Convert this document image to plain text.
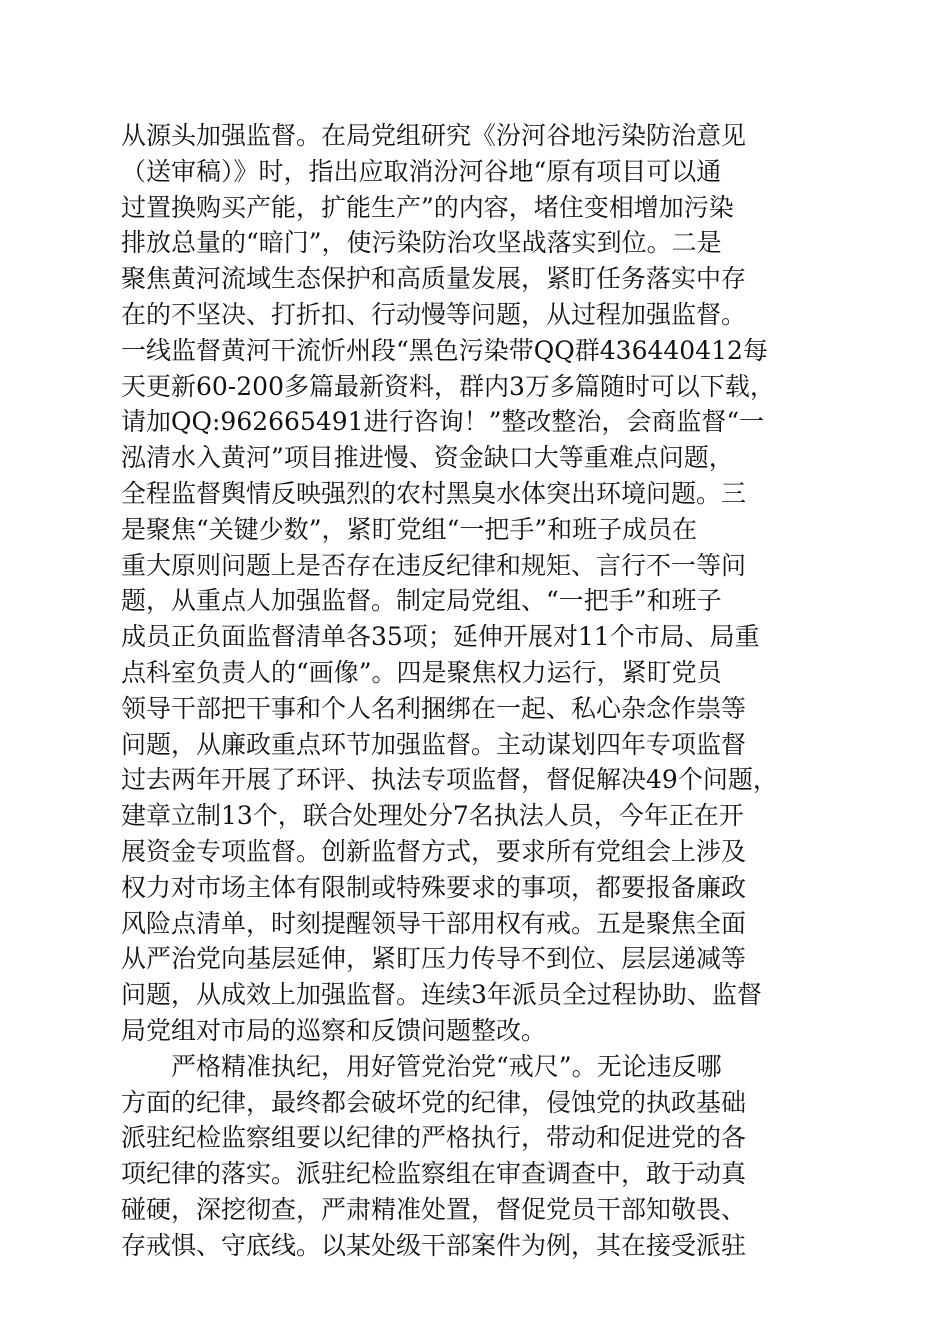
从源头加强监督。在局党组研究《汾河谷地污染防治意见
（送审稿）》时，指出应取消汾河谷地“原有项目可以通
过置换购买产能，扩能生产”的内容，堵住变相增加污染
排放总量的“暗门”，使污染防治攻坚战落实到位。二是
聚焦黄河流域生态保护和高质量发展，紧盯任务落实中存
在的不坚决、打折扣、行动慢等问题，从过程加强监督。
一线监督黄河干流忻州段“黑色污染带QQ群436440412每
天更新60-200多篇最新资料，群内3万多篇随时可以下载，
请加QQ:962665491进行咨询！”整改整治，会商监督“一
泓清水入黄河”项目推进慢、资金缺口大等重难点问题，
全程监督舆情反映强烈的农村黑臭水体突出环境问题。三
是聚焦“关键少数”，紧盯党组“一把手”和班子成员在
重大原则问题上是否存在违反纪律和规矩、言行不一等问
题，从重点人加强监督。制定局党组、“一把手”和班子
成员正负面监督清单各35项；延伸开展对11个市局、局重
点科室负责人的“画像”。四是聚焦权力运行，紧盯党员
领导干部把干事和个人名利捆绑在一起、私心杂念作祟等
问题，从廉政重点环节加强监督。主动谋划四年专项监督
过去两年开展了环评、执法专项监督，督促解决49个问题，
建章立制13个，联合处理处分7名执法人员，今年正在开
展资金专项监督。创新监督方式，要求所有党组会上涉及
权力对市场主体有限制或特殊要求的事项，都要报备廉政
风险点清单，时刻提醒领导干部用权有戒。五是聚焦全面
从严治党向基层延伸，紧盯压力传导不到位、层层递减等
问题，从成效上加强监督。连续3年派员全过程协助、监督
局党组对市局的巡察和反馈问题整改。
严格精准执纪，用好管党治党“戒尺”。无论违反哪
方面的纪律，最终都会破坏党的纪律，侵蚀党的执政基础
派驻纪检监察组要以纪律的严格执行，带动和促进党的各
项纪律的落实。派驻纪检监察组在审查调查中，敢于动真
碰硬，深挖彻查，严肃精准处置，督促党员干部知敬畏、
存戒惧、守底线。以某处级干部案件为例，其在接受派驻
